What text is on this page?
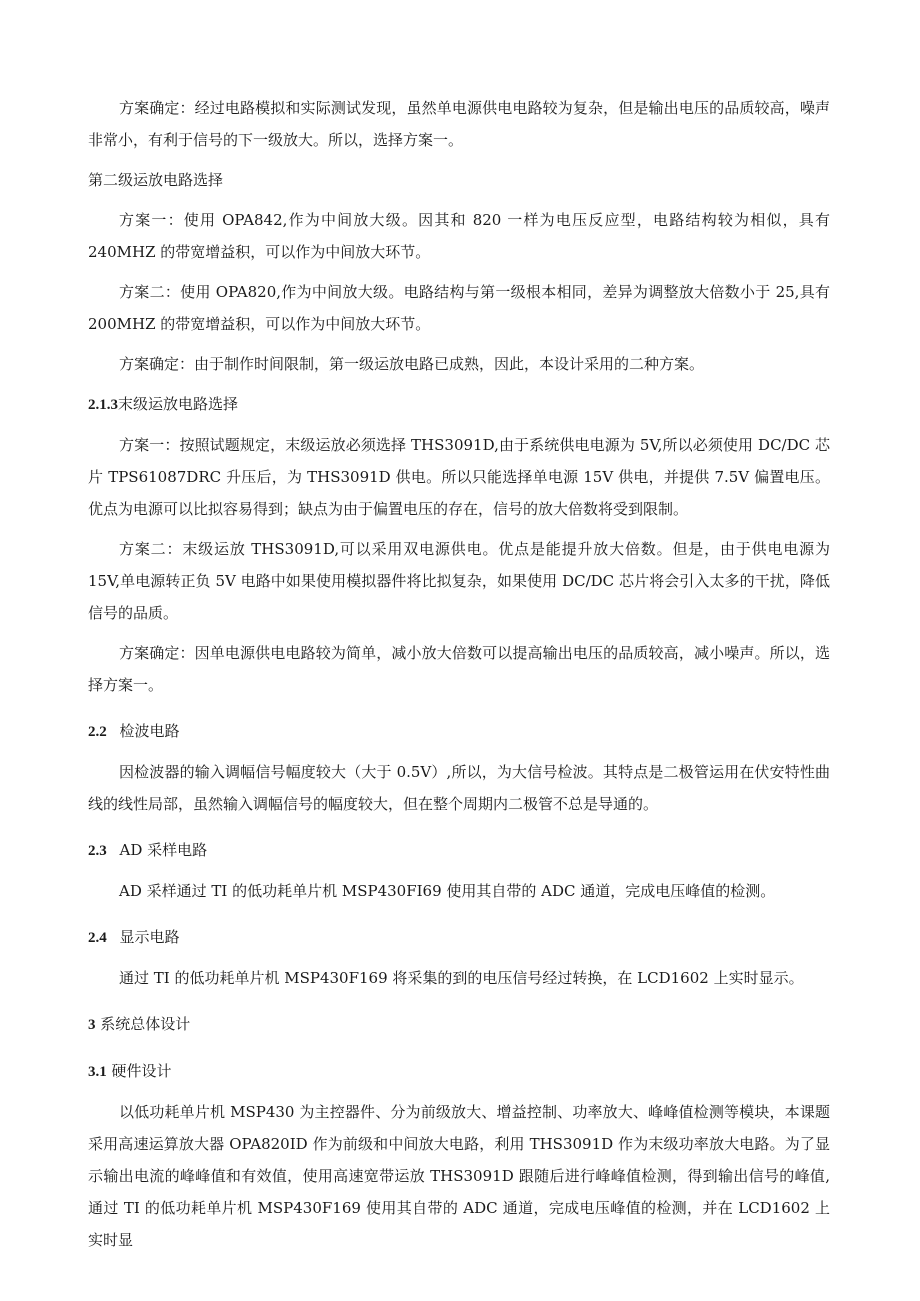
方案确定：经过电路模拟和实际测试发现，虽然单电源供电电路较为复杂，但是输出电压的品质较高，噪声非常小，有利于信号的下一级放大。所以，选择方案一。

第二级运放电路选择

方案一：使用 OPA842,作为中间放大级。因其和 820 一样为电压反应型，电路结构较为相似，具有 240MHZ 的带宽增益积，可以作为中间放大环节。

方案二：使用 OPA820,作为中间放大级。电路结构与第一级根本相同，差异为调整放大倍数小于 25,具有 200MHZ 的带宽增益积，可以作为中间放大环节。

方案确定：由于制作时间限制，第一级运放电路已成熟，因此，本设计采用的二种方案。

2.1.3末级运放电路选择

方案一：按照试题规定，末级运放必须选择 THS3091D,由于系统供电电源为 5V,所以必须使用 DC/DC 芯片 TPS61087DRC 升压后，为 THS3091D 供电。所以只能选择单电源 15V 供电，并提供 7.5V 偏置电压。优点为电源可以比拟容易得到；缺点为由于偏置电压的存在，信号的放大倍数将受到限制。

方案二：末级运放 THS3091D,可以采用双电源供电。优点是能提升放大倍数。但是，由于供电电源为 15V,单电源转正负 5V 电路中如果使用模拟器件将比拟复杂，如果使用 DC/DC 芯片将会引入太多的干扰，降低信号的品质。

方案确定：因单电源供电电路较为简单，减小放大倍数可以提高输出电压的品质较高，减小噪声。所以，选择方案一。

2.2 检波电路

因检波器的输入调幅信号幅度较大（大于 0.5V）,所以，为大信号检波。其特点是二极管运用在伏安特性曲线的线性局部，虽然输入调幅信号的幅度较大，但在整个周期内二极管不总是导通的。

2.3 AD 采样电路

AD 采样通过 TI 的低功耗单片机 MSP430FI69 使用其自带的 ADC 通道，完成电压峰值的检测。

2.4 显示电路

通过 TI 的低功耗单片机 MSP430F169 将采集的到的电压信号经过转换，在 LCD1602 上实时显示。

3 系统总体设计
3.1 硬件设计

以低功耗单片机 MSP430 为主控器件、分为前级放大、增益控制、功率放大、峰峰值检测等模块，本课题采用高速运算放大器 OPA820ID 作为前级和中间放大电路，利用 THS3091D 作为末级功率放大电路。为了显示输出电流的峰峰值和有效值，使用高速宽带运放 THS3091D 跟随后进行峰峰值检测，得到输出信号的峰值,通过 TI 的低功耗单片机 MSP430F169 使用其自带的 ADC 通道，完成电压峰值的检测，并在 LCD1602 上实时显
